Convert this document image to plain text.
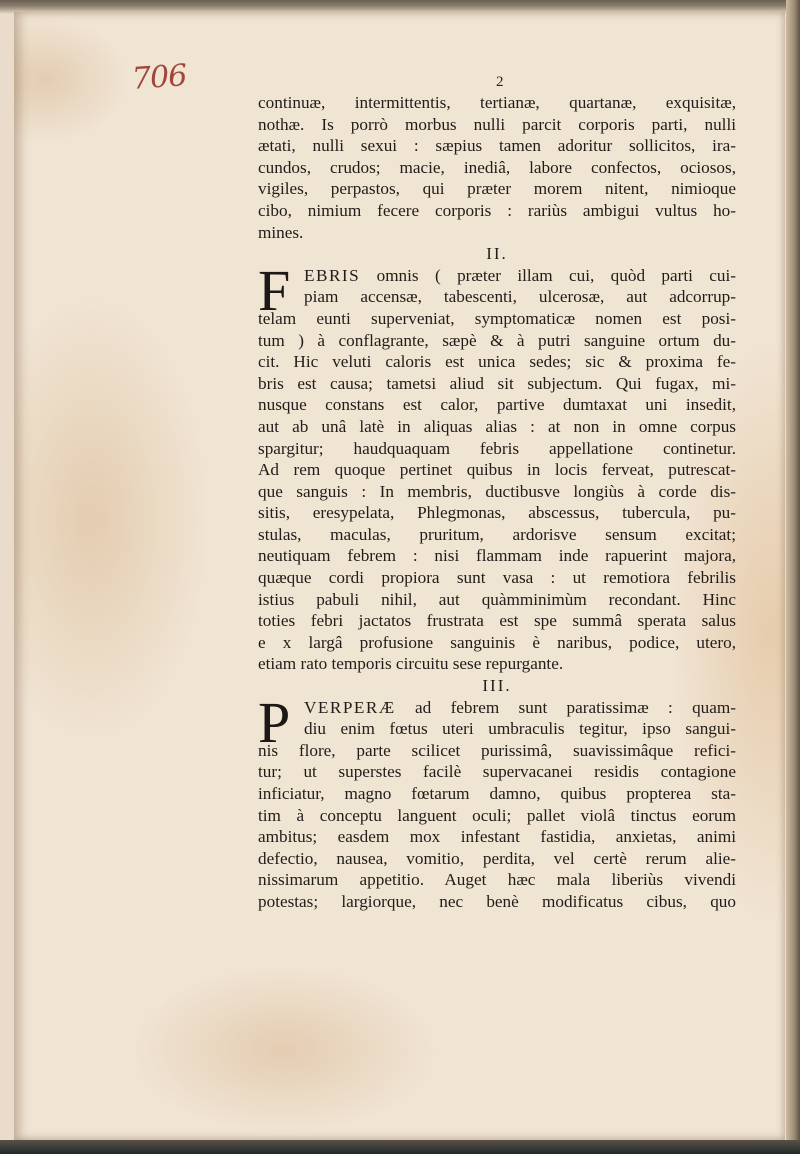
706	2
continuæ, intermittentis, tertianæ, quartanæ, exquisitæ,
nothæ. Is porrò morbus nulli parcit corporis parti, nulli
ætati, nulli sexui : sæpius tamen adoritur sollicitos, ira-
cundos, crudos; macie, inediâ, labore confectos, ociosos,
vigiles, perpastos, qui præter morem nitent, nimioque
cibo, nimium fecere corporis : rariùs ambigui vultus ho-
mines.
II.
F EBRIS omnis ( præter illam cui, quòd parti cui-
piam accensæ, tabescenti, ulcerosæ, aut adcorrup-
telam eunti superveniat, symptomaticæ nomen est posi-
tum ) à conflagrante, sæpè & à putri sanguine ortum du-
cit. Hic veluti caloris est unica sedes; sic & proxima fe-
bris est causa; tametsi aliud sit subjectum. Qui fugax, mi-
nusque constans est calor, partive dumtaxat uni insedit,
aut ab unâ latè in aliquas alias : at non in omne corpus
spargitur; haudquaquam febris appellatione continetur.
Ad rem quoque pertinet quibus in locis ferveat, putrescat-
que sanguis : In membris, ductibusve longiùs à corde dis-
sitis, eresypelata, Phlegmonas, abscessus, tubercula, pu-
stulas, maculas, pruritum, ardorisve sensum excitat;
neutiquam febrem : nisi flammam inde rapuerint majora,
quæque cordi propiora sunt vasa : ut remotiora febrilis
istius pabuli nihil, aut quàmminimùm recondant. Hinc
toties febri jactatos frustrata est spe summâ sperata salus
e x largâ profusione sanguinis è naribus, podice, utero,
etiam rato temporis circuitu sese repurgante.
III.
P VERPERÆ ad febrem sunt paratissimæ : quam-
diu enim fœtus uteri umbraculis tegitur, ipso sangui-
nis flore, parte scilicet purissimâ, suavissimâque refici-
tur; ut superstes facilè supervacanei residis contagione
inficiatur, magno fœtarum damno, quibus propterea sta-
tim à conceptu languent oculi; pallet violâ tinctus eorum
ambitus; easdem mox infestant fastidia, anxietas, animi
defectio, nausea, vomitio, perdita, vel certè rerum alie-
nissimarum appetitio. Auget hæc mala liberiùs vivendi
potestas; largiorque, nec benè modificatus cibus, quo
